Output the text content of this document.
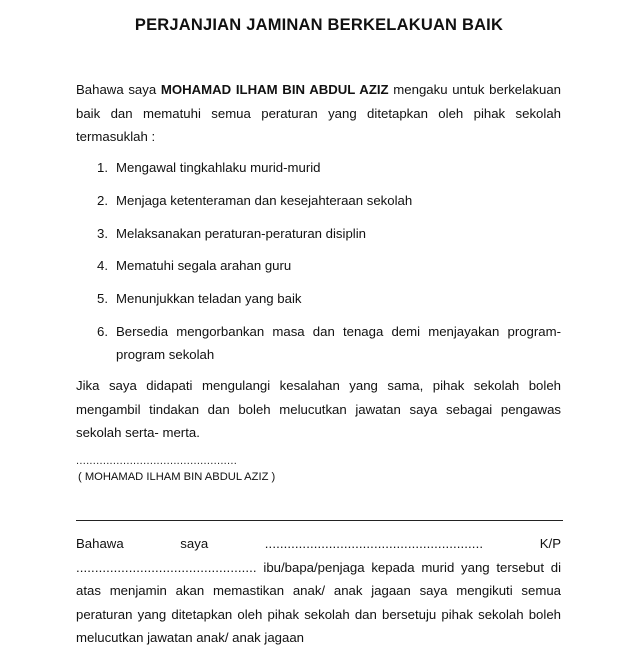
PERJANJIAN JAMINAN BERKELAKUAN BAIK
Bahawa saya MOHAMAD ILHAM BIN ABDUL AZIZ mengaku untuk berkelakuan baik dan mematuhi semua peraturan yang ditetapkan oleh pihak sekolah termasuklah :
1. Mengawal tingkahlaku murid-murid
2. Menjaga ketenteraman dan kesejahteraan sekolah
3. Melaksanakan peraturan-peraturan disiplin
4. Mematuhi segala arahan guru
5. Menunjukkan teladan yang baik
6. Bersedia mengorbankan masa dan tenaga demi menjayakan program-program sekolah
Jika saya didapati mengulangi kesalahan yang sama, pihak sekolah boleh mengambil tindakan dan boleh melucutkan jawatan saya sebagai pengawas sekolah serta- merta.
................................................
( MOHAMAD ILHAM BIN ABDUL AZIZ )
Bahawa saya .......................................................... K/P ................................................ ibu/bapa/penjaga kepada murid yang tersebut di atas menjamin akan memastikan anak/ anak jagaan saya mengikuti semua peraturan yang ditetapkan oleh pihak sekolah dan bersetuju pihak sekolah boleh melucutkan jawatan anak/ anak jagaan
